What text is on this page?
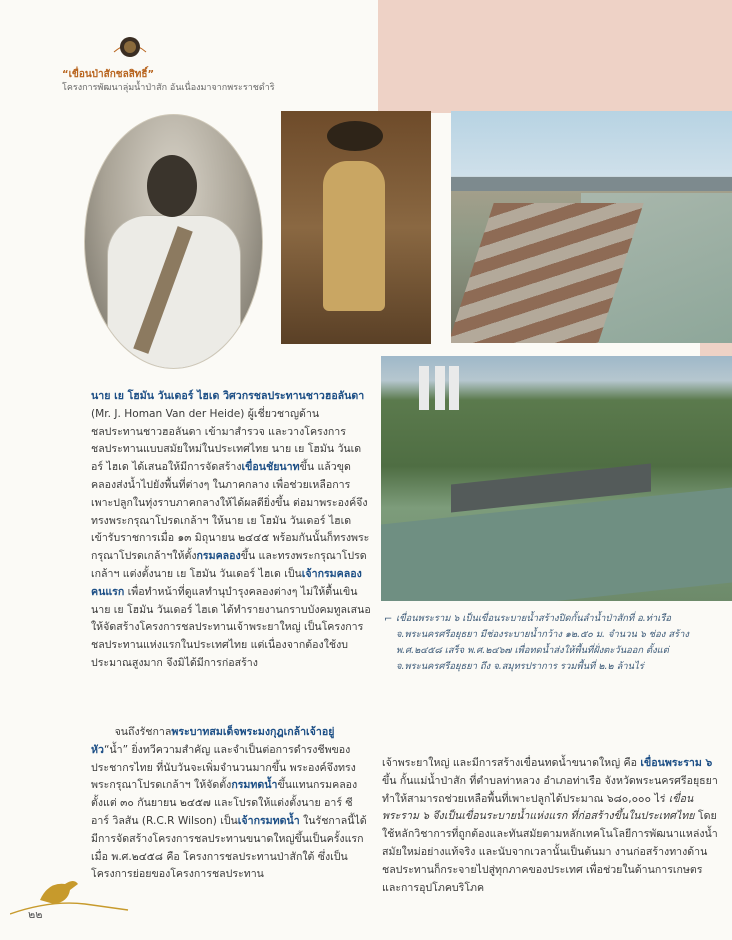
“เขื่อนป่าสักชลสิทธิ์”
โครงการพัฒนาลุ่มน้ำป่าสัก อันเนื่องมาจากพระราชดำริ
⌐ เขื่อนพระราม ๖ เป็นเขื่อนระบายน้ำสร้างปิดกั้นลำน้ำป่าสักที่ อ.ท่าเรือ จ.พระนครศรีอยุธยา มีช่องระบายน้ำกว้าง ๑๒.๕๐ ม. จำนวน ๖ ช่อง สร้าง พ.ศ.๒๔๕๘ เสร็จ พ.ศ.๒๔๖๗ เพื่อทดน้ำส่งให้พื้นที่ฝั่งตะวันออก ตั้งแต่ จ.พระนครศรีอยุธยา ถึง จ.สมุทรปราการ รวมพื้นที่ ๒.๒ ล้านไร่

นาย เย โฮมัน วันเดอร์ ไฮเด วิศวกรชลประทานชาวฮอลันดา (Mr. J. Homan Van der Heide) ผู้เชี่ยวชาญด้านชลประทานชาวฮอลันดา เข้ามาสำรวจ และวางโครงการชลประทานแบบสมัยใหม่ในประเทศไทย นาย เย โฮมัน วันเดอร์ ไฮเด ได้เสนอให้มีการจัดสร้างเขื่อนชัยนาทขึ้น แล้วขุดคลองส่งน้ำไปยังพื้นที่ต่างๆ ในภาคกลาง เพื่อช่วยเหลือการเพาะปลูกในทุ่งราบภาคกลางให้ได้ผลดียิ่งขึ้น ต่อมาพระองค์จึงทรงพระกรุณาโปรดเกล้าฯ ให้นาย เย โฮมัน วันเดอร์ ไฮเด เข้ารับราชการเมื่อ ๑๓ มิถุนายน ๒๔๔๕ พร้อมกันนั้นก็ทรงพระกรุณาโปรดเกล้าฯให้ตั้งกรมคลองขึ้น และทรงพระกรุณาโปรดเกล้าฯ แต่งตั้งนาย เย โฮมัน วันเดอร์ ไฮเด เป็นเจ้ากรมคลองคนแรก เพื่อทำหน้าที่ดูแลทำนุบำรุงคลองต่างๆ ไม่ให้ตื้นเขิน นาย เย โฮมัน วันเดอร์ ไฮเด ได้ทำรายงานกราบบังคมทูลเสนอให้จัดสร้างโครงการชลประทานเจ้าพระยาใหญ่ เป็นโครงการชลประทานแห่งแรกในประเทศไทย แต่เนื่องจากต้องใช้งบประมาณสูงมาก จึงมิได้มีการก่อสร้าง

จนถึงรัชกาลพระบาทสมเด็จพระมงกุฎเกล้าเจ้าอยู่หัว“น้ำ” ยิ่งทวีความสำคัญ และจำเป็นต่อการดำรงชีพของประชากรไทย ที่นับวันจะเพิ่มจำนวนมากขึ้น พระองค์จึงทรงพระกรุณาโปรดเกล้าฯ ให้จัดตั้งกรมทดน้ำขึ้นแทนกรมคลอง ตั้งแต่ ๓๐ กันยายน ๒๔๕๗ และโปรดให้แต่งตั้งนาย อาร์ ซี อาร์ วิลสัน (R.C.R Wilson) เป็นเจ้ากรมทดน้ำ ในรัชกาลนี้ได้มีการจัดสร้างโครงการชลประทานขนาดใหญ่ขึ้นเป็นครั้งแรก เมื่อ พ.ศ.๒๔๕๘ คือ โครงการชลประทานป่าสักใต้ ซึ่งเป็นโครงการย่อยของโครงการชลประทาน

เจ้าพระยาใหญ่ และมีการสร้างเขื่อนทดน้ำขนาดใหญ่ คือ เขื่อนพระราม ๖ ขึ้น กั้นแม่น้ำป่าสัก ที่ตำบลท่าหลวง อำเภอท่าเรือ จังหวัดพระนครศรีอยุธยา ทำให้สามารถช่วยเหลือพื้นที่เพาะปลูกได้ประมาณ ๖๘๐,๐๐๐ ไร่ เขื่อนพระราม ๖ จึงเป็นเขื่อนระบายน้ำแห่งแรก ที่ก่อสร้างขึ้นในประเทศไทย โดยใช้หลักวิชาการที่ถูกต้องและทันสมัยตามหลักเทคโนโลยีการพัฒนาแหล่งน้ำสมัยใหม่อย่างแท้จริง และนับจากเวลานั้นเป็นต้นมา งานก่อสร้างทางด้านชลประทานก็กระจายไปสู่ทุกภาคของประเทศ เพื่อช่วยในด้านการเกษตร และการอุปโภคบริโภค

๒๒
